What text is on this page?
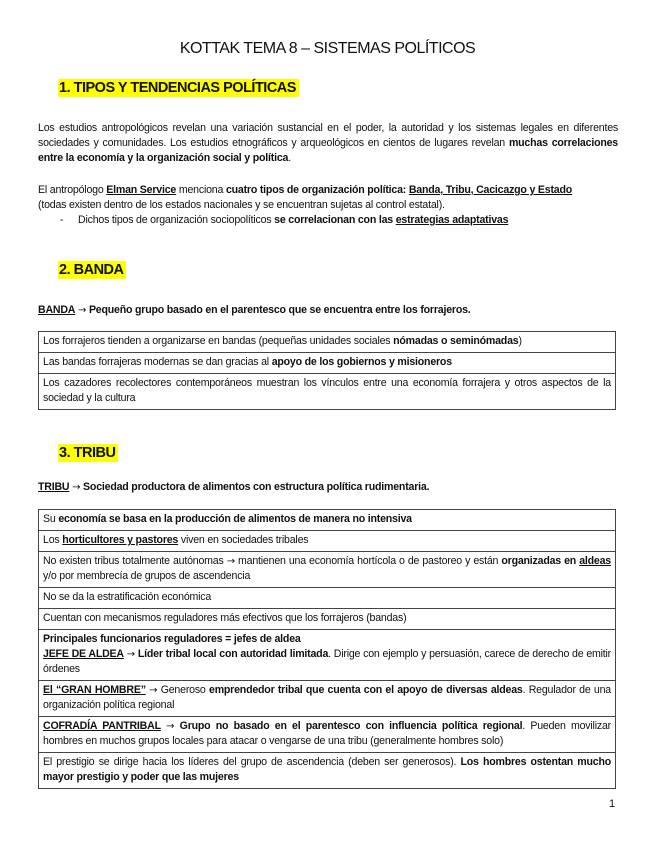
KOTTAK TEMA 8 – SISTEMAS POLÍTICOS
1. TIPOS Y TENDENCIAS POLÍTICAS
Los estudios antropológicos revelan una variación sustancial en el poder, la autoridad y los sistemas legales en diferentes sociedades y comunidades. Los estudios etnográficos y arqueológicos en cientos de lugares revelan muchas correlaciones entre la economía y la organización social y política.
El antropólogo Elman Service menciona cuatro tipos de organización política: Banda, Tribu, Cacicazgo y Estado
(todas existen dentro de los estados nacionales y se encuentran sujetas al control estatal).
- Dichos tipos de organización sociopolíticos se correlacionan con las estrategias adaptativas
2. BANDA
BANDA → Pequeño grupo basado en el parentesco que se encuentra entre los forrajeros.
Los forrajeros tienden a organizarse en bandas (pequeñas unidades sociales nómadas o seminómadas)
Las bandas forrajeras modernas se dan gracias al apoyo de los gobiernos y misioneros
Los cazadores recolectores contemporáneos muestran los vínculos entre una economía forrajera y otros aspectos de la sociedad y la cultura
3. TRIBU
TRIBU → Sociedad productora de alimentos con estructura política rudimentaria.
Su economía se basa en la producción de alimentos de manera no intensiva
Los horticultores y pastores viven en sociedades tribales
No existen tribus totalmente autónomas → mantienen una economía hortícola o de pastoreo y están organizadas en aldeas y/o por membrecía de grupos de ascendencia
No se da la estratificación económica
Cuentan con mecanismos reguladores más efectivos que los forrajeros (bandas)
Principales funcionarios reguladores = jefes de aldea
JEFE DE ALDEA → Líder tribal local con autoridad limitada. Dirige con ejemplo y persuasión, carece de derecho de emitir órdenes
El “GRAN HOMBRE” → Generoso emprendedor tribal que cuenta con el apoyo de diversas aldeas. Regulador de una organización política regional
COFRADÍA PANTRIBAL → Grupo no basado en el parentesco con influencia política regional. Pueden movilizar hombres en muchos grupos locales para atacar o vengarse de una tribu (generalmente hombres solo)
El prestigio se dirige hacia los líderes del grupo de ascendencia (deben ser generosos). Los hombres ostentan mucho mayor prestigio y poder que las mujeres
1
